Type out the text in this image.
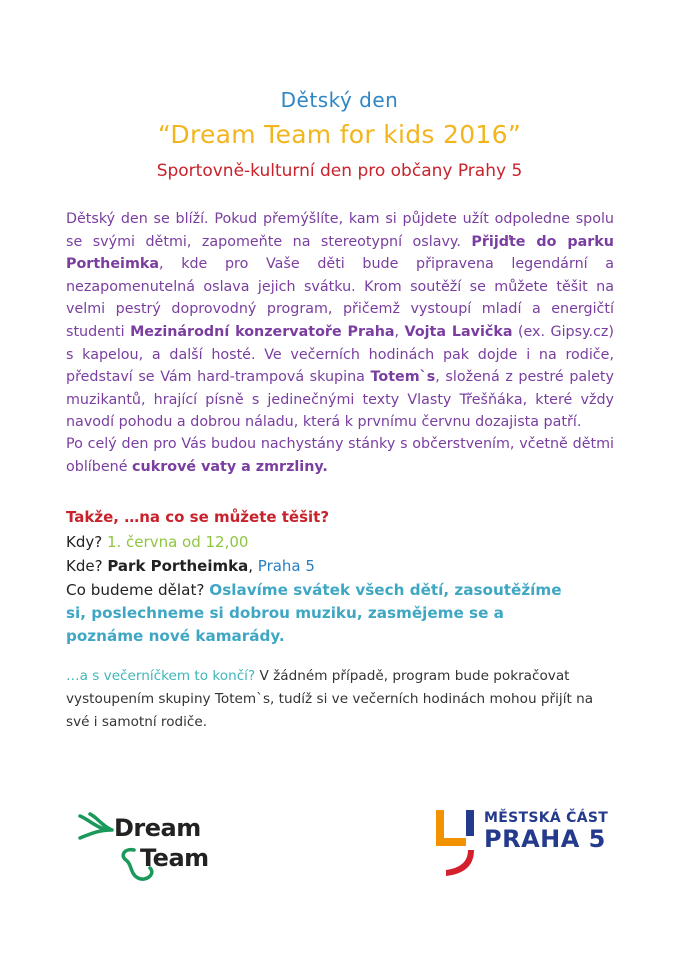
Dětský den
“Dream Team for kids 2016”
Sportovně-kulturní den pro občany Prahy 5
Dětský den se blíží. Pokud přemýšlíte, kam si půjdete užít odpoledne spolu se svými dětmi, zapomeňte na stereotypní oslavy. Přijďte do parku Portheimka, kde pro Vaše děti bude připravena legendární a nezapomenutelná oslava jejich svátku. Krom soutěží se můžete těšit na velmi pestrý doprovodný program, přičemž vystoupí mladí a energičtí studenti Mezinárodní konzervatoře Praha, Vojta Lavička (ex. Gipsy.cz) s kapelou, a další hosté. Ve večerních hodinách pak dojde i na rodiče, představí se Vám hard-trampová skupina Totem`s, složená z pestré palety muzikantů, hrající písně s jedinečnými texty Vlasty Třešňáka, které vždy navodí pohodu a dobrou náladu, která k prvnímu červnu dozajista patří.
Po celý den pro Vás budou nachystány stánky s občerstvením, včetně dětmi oblíbené cukrové vaty a zmrzliny.
Takže, …na co se můžete těšit?
Kdy? 1. června od 12,00
Kde? Park Portheimka, Praha 5
Co budeme dělat? Oslavíme svátek všech dětí, zasoutěžíme si, poslechneme si dobrou muziku, zasmějeme se a poznáme nové kamarády.
…a s večerníčkem to končí? V žádném případě, program bude pokračovat vystoupením skupiny Totem`s, tudíž si ve večerních hodinách mohou přijít na své i samotní rodiče.
Dream
Team
MĚSTSKÁ ČÁST
PRAHA 5
